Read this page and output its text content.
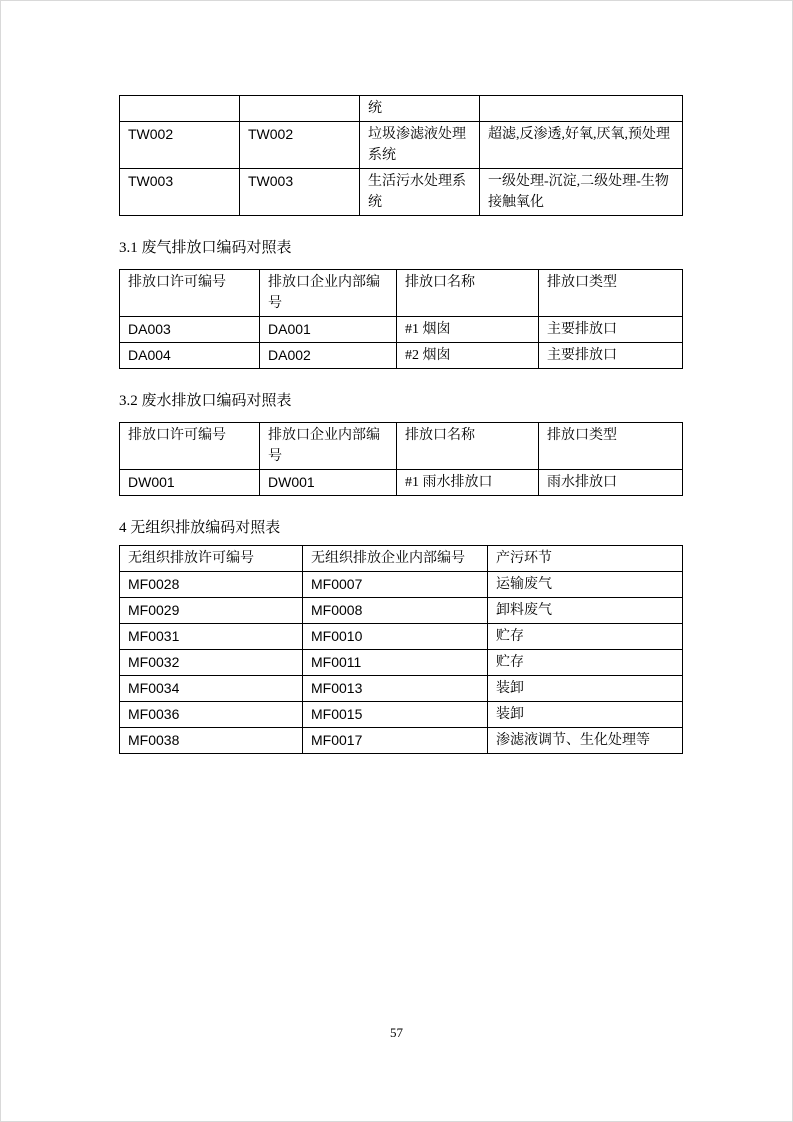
		统	
TW002	TW002	垃圾渗滤液处理系统	超滤,反渗透,好氧,厌氧,预处理
TW003	TW003	生活污水处理系统	一级处理-沉淀,二级处理-生物接触氧化
3.1 废气排放口编码对照表
排放口许可编号	排放口企业内部编号	排放口名称	排放口类型
DA003	DA001	#1 烟囱	主要排放口
DA004	DA002	#2 烟囱	主要排放口
3.2 废水排放口编码对照表
排放口许可编号	排放口企业内部编号	排放口名称	排放口类型
DW001	DW001	#1 雨水排放口	雨水排放口
4 无组织排放编码对照表
无组织排放许可编号	无组织排放企业内部编号	产污环节
MF0028	MF0007	运输废气
MF0029	MF0008	卸料废气
MF0031	MF0010	贮存
MF0032	MF0011	贮存
MF0034	MF0013	装卸
MF0036	MF0015	装卸
MF0038	MF0017	渗滤液调节、生化处理等
57
